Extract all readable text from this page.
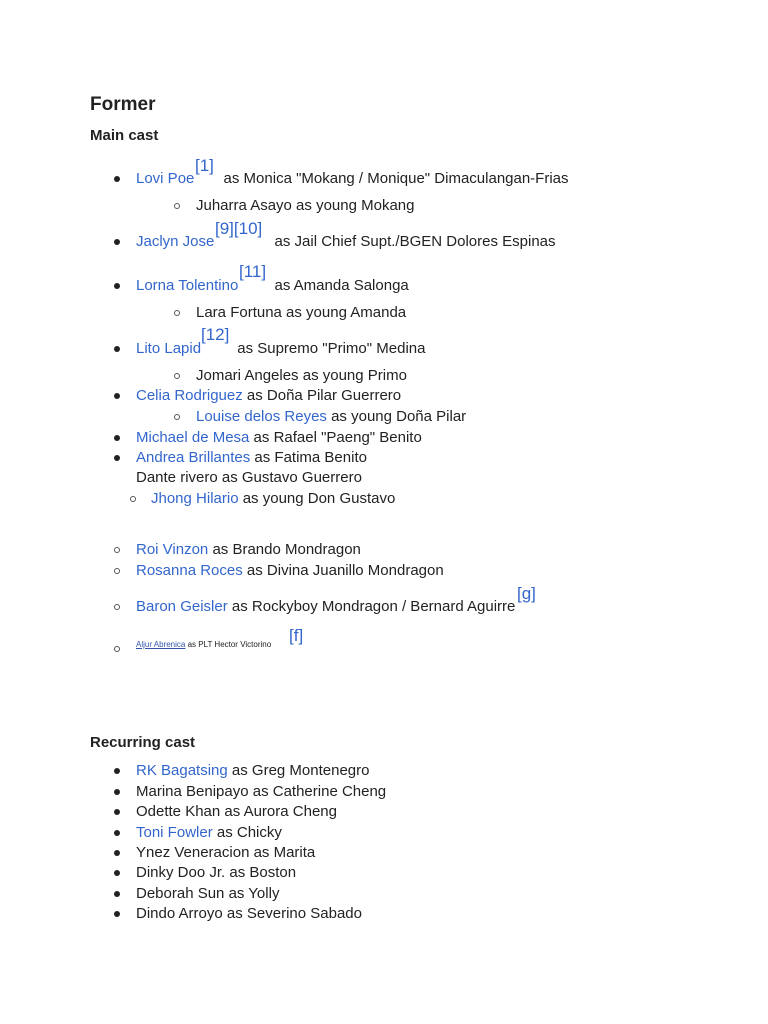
Former
Main cast
Lovi Poe as Monica "Mokang / Monique" Dimaculangan-Frias
[1]
Juharra Asayo as young Mokang
Jaclyn Jose	as Jail Chief Supt./BGEN Dolores Espinas
[9][10]
Lorna Tolentino as Amanda Salonga
[11]
Lara Fortuna as young Amanda
Lito Lapid as Supremo "Primo" Medina
[12]
Jomari Angeles as young Primo
Celia Rodriguez as Doña Pilar Guerrero
Louise delos Reyes as young Doña Pilar
Michael de Mesa as Rafael "Paeng" Benito
Andrea Brillantes as Fatima Benito
Dante rivero as Gustavo Guerrero
Jhong Hilario as young Don Gustavo
Roi Vinzon as Brando Mondragon
Rosanna Roces as Divina Juanillo Mondragon
Baron Geisler as Rockyboy Mondragon / Bernard Aguirre
[g]
Aljur Abrenica as PLT Hector Victorino [f]
Recurring cast
RK Bagatsing as Greg Montenegro
Marina Benipayo as Catherine Cheng
Odette Khan as Aurora Cheng
Toni Fowler as Chicky
Ynez Veneracion as Marita
Dinky Doo Jr. as Boston
Deborah Sun as Yolly
Dindo Arroyo as Severino Sabado
